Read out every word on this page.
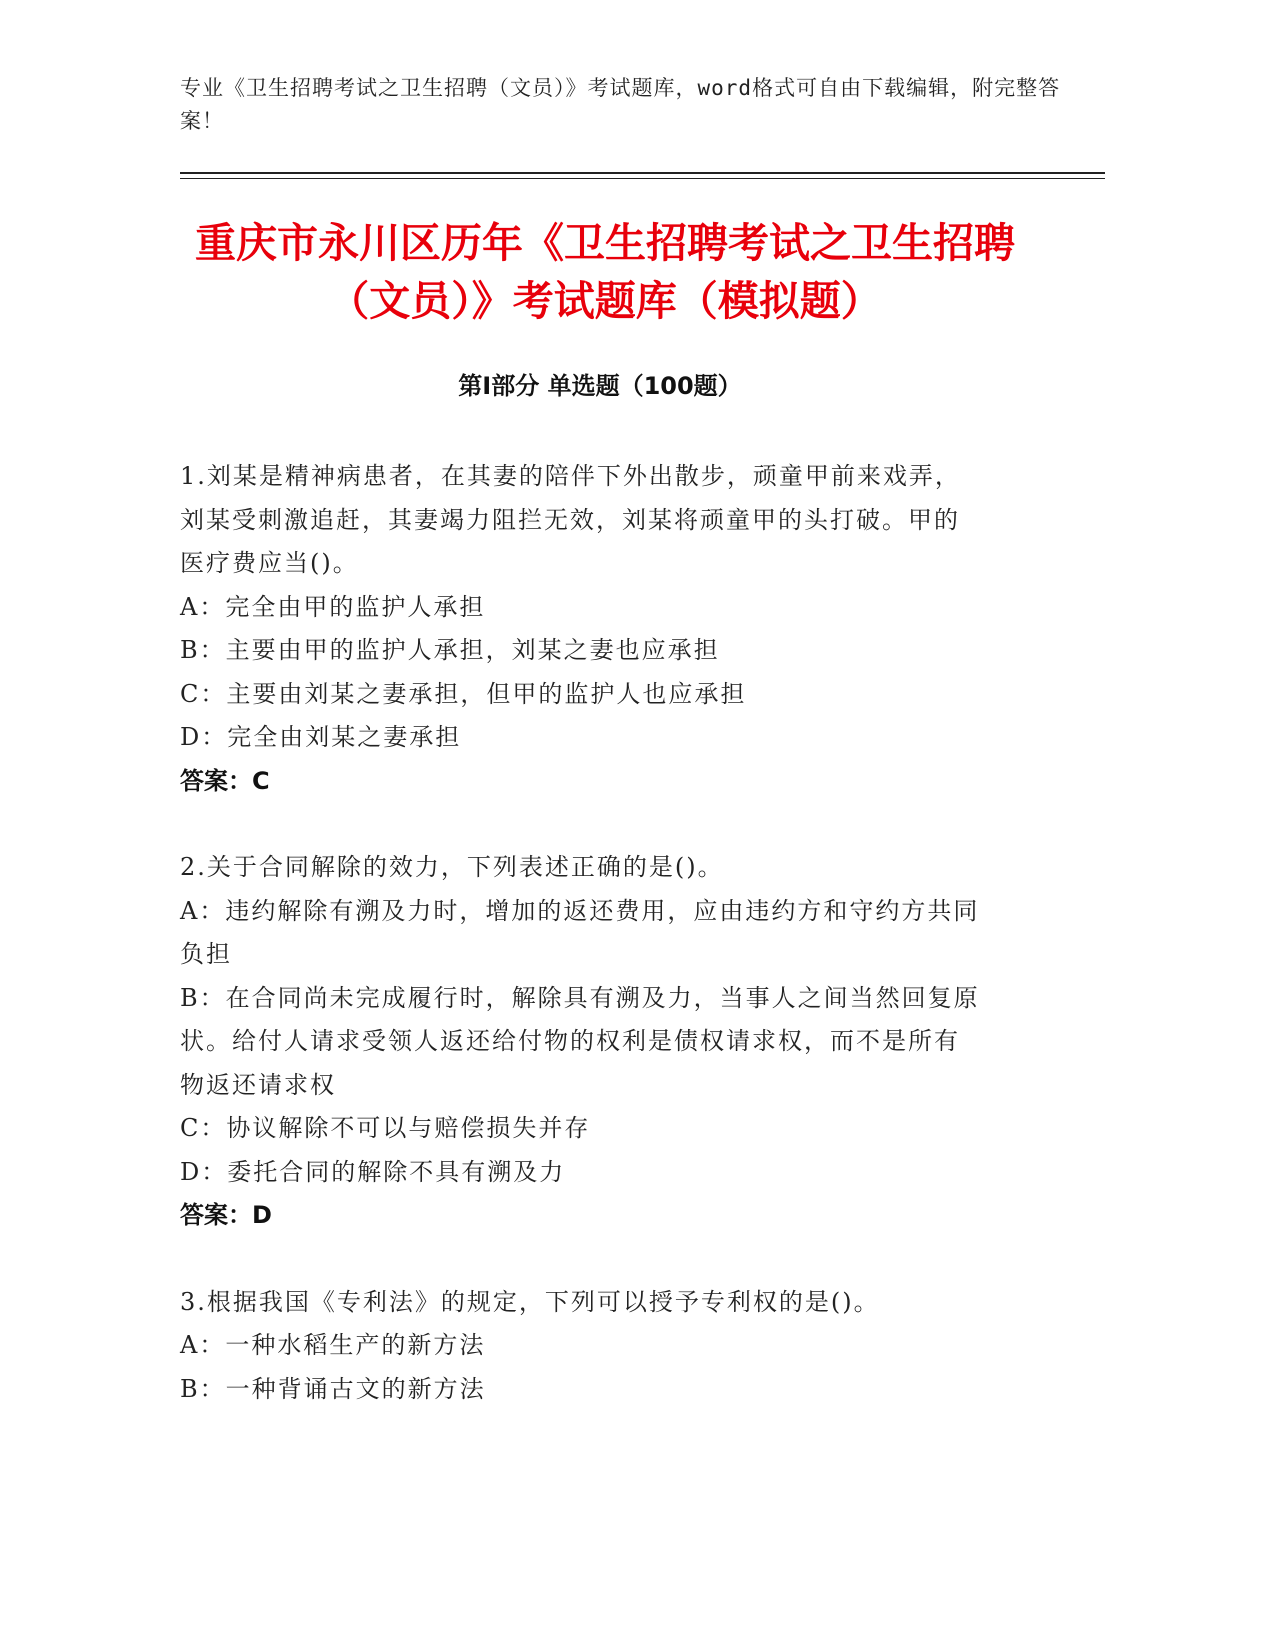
专业《卫生招聘考试之卫生招聘（文员）》考试题库，word格式可自由下载编辑，附完整答案！
重庆市永川区历年《卫生招聘考试之卫生招聘（文员）》考试题库（模拟题）
第Ⅰ部分 单选题（100题）
1.刘某是精神病患者，在其妻的陪伴下外出散步，顽童甲前来戏弄，
刘某受刺激追赶，其妻竭力阻拦无效，刘某将顽童甲的头打破。甲的
医疗费应当()。
A：完全由甲的监护人承担
B：主要由甲的监护人承担，刘某之妻也应承担
C：主要由刘某之妻承担，但甲的监护人也应承担
D：完全由刘某之妻承担
答案：C
2.关于合同解除的效力，下列表述正确的是()。
A：违约解除有溯及力时，增加的返还费用，应由违约方和守约方共同
负担
B：在合同尚未完成履行时，解除具有溯及力，当事人之间当然回复原
状。给付人请求受领人返还给付物的权利是债权请求权，而不是所有
物返还请求权
C：协议解除不可以与赔偿损失并存
D：委托合同的解除不具有溯及力
答案：D
3.根据我国《专利法》的规定，下列可以授予专利权的是()。
A：一种水稻生产的新方法
B：一种背诵古文的新方法
